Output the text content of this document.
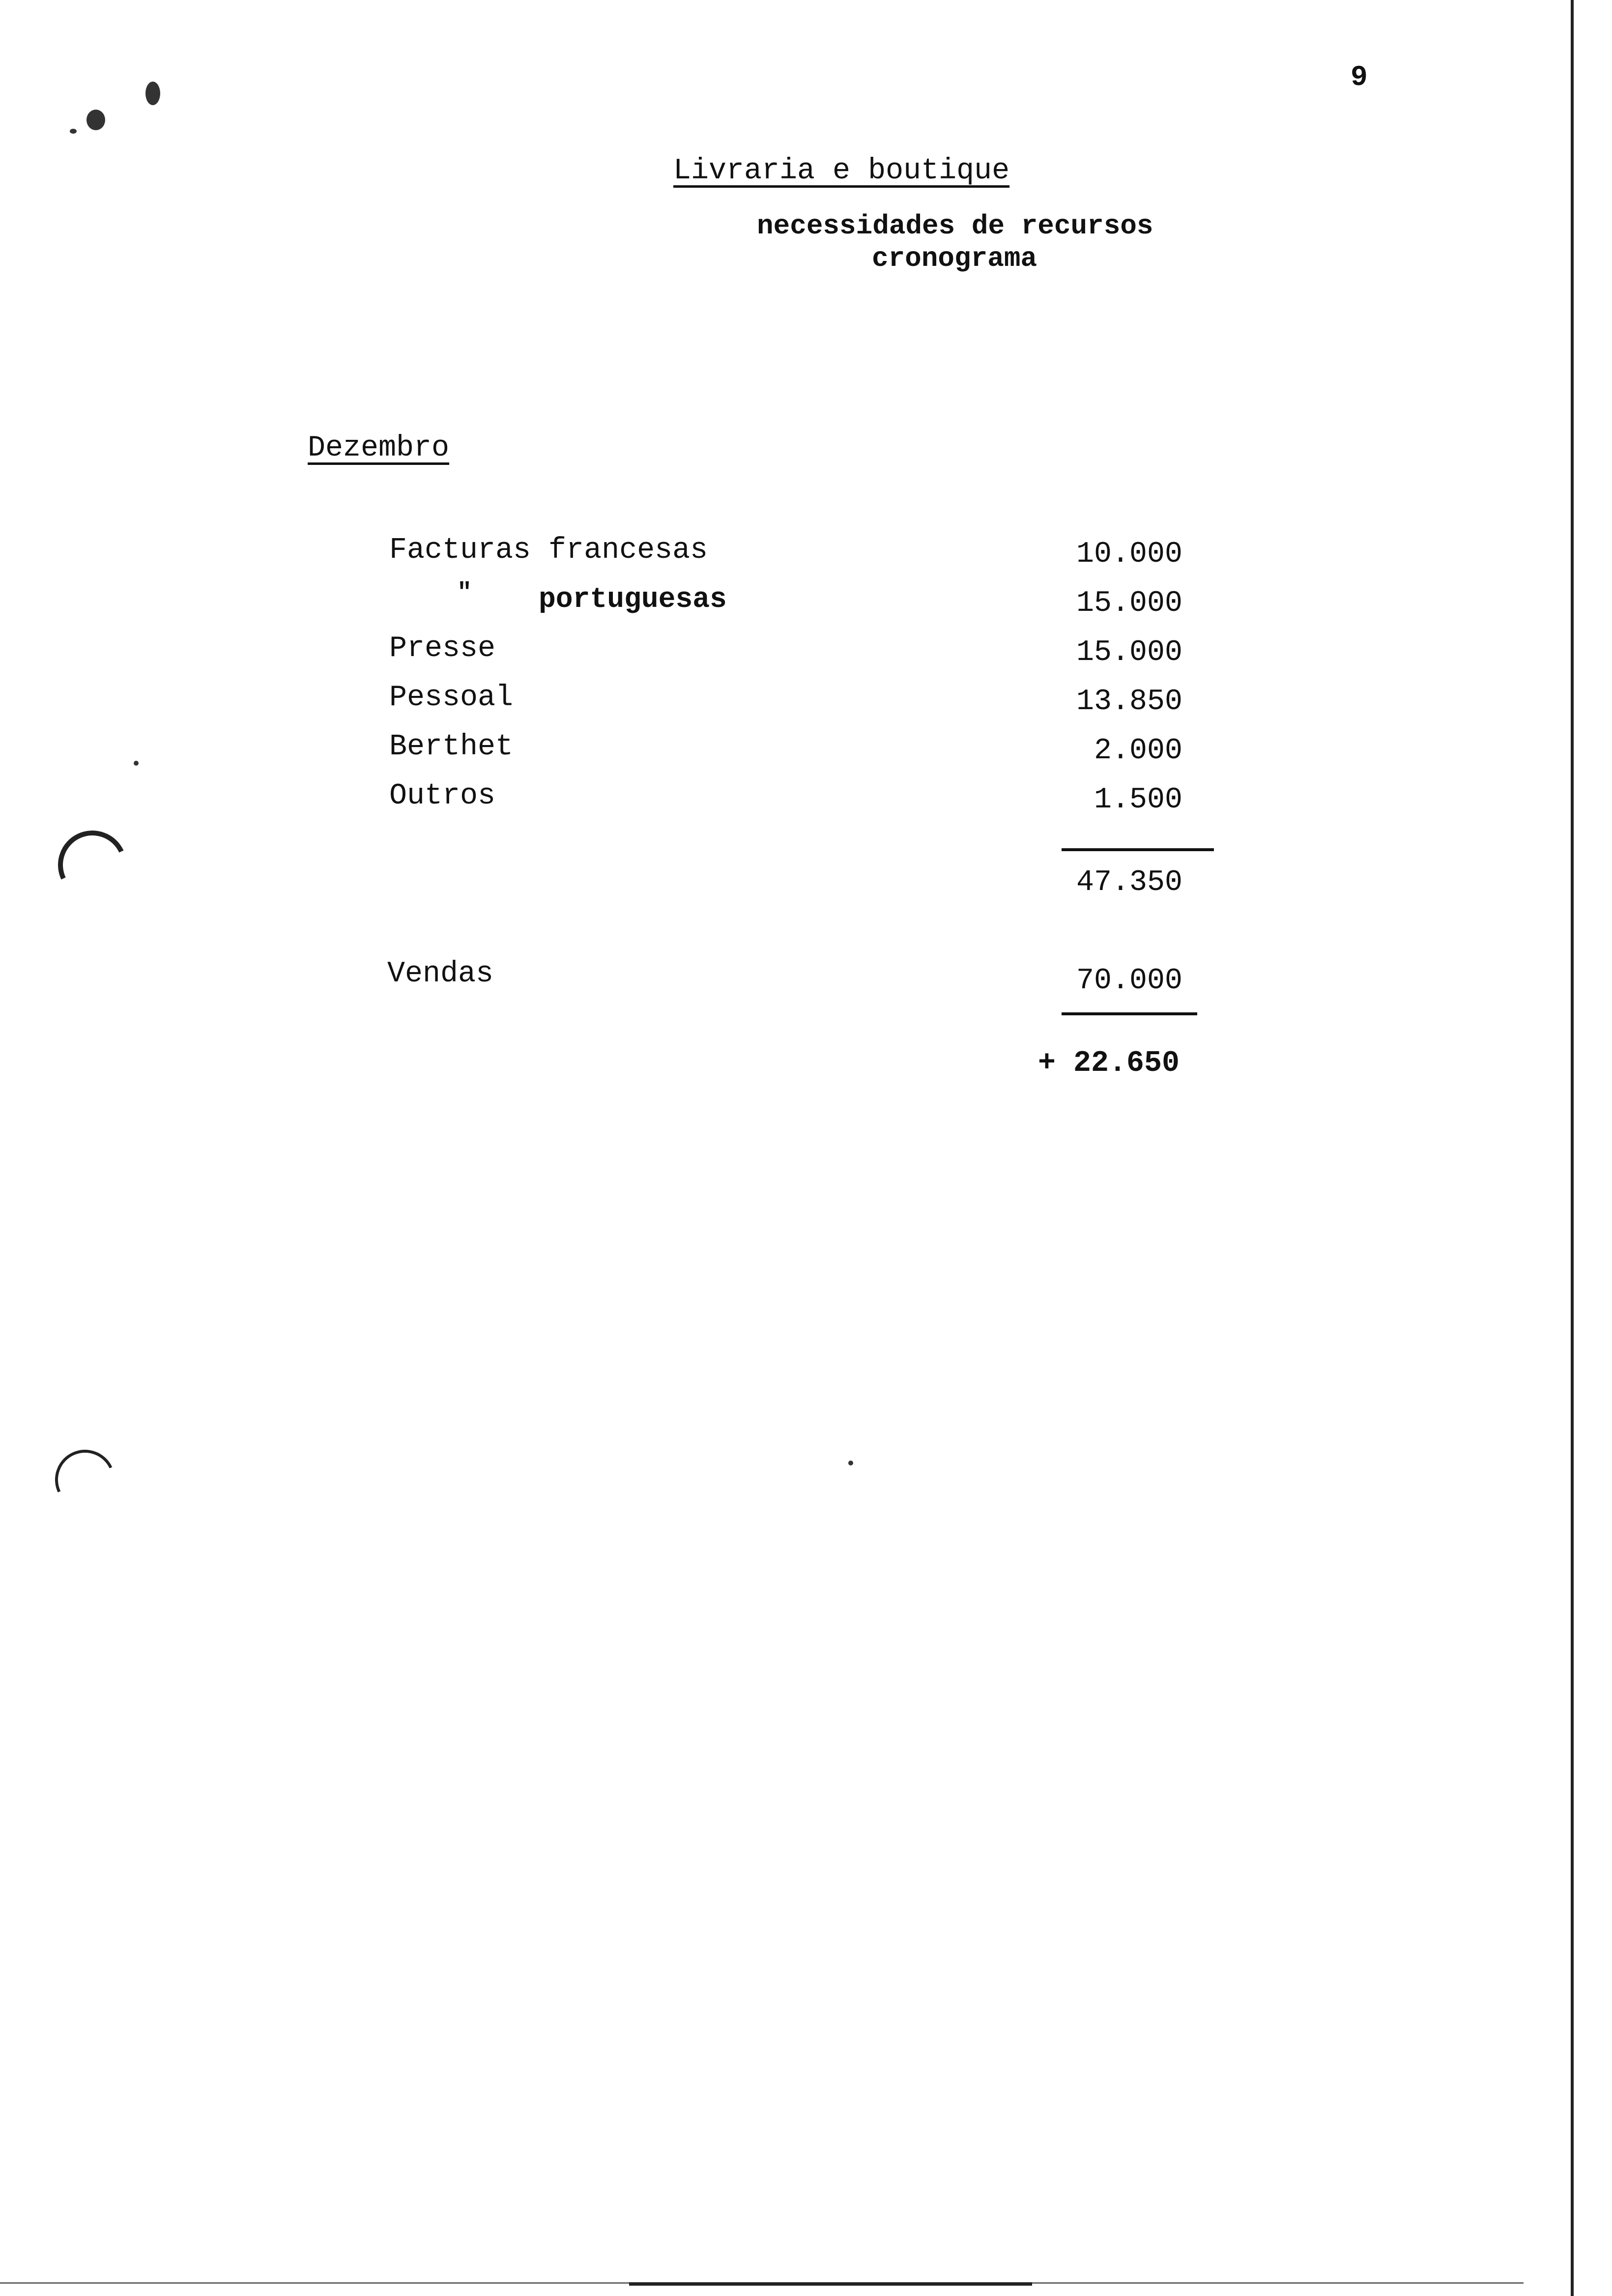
9
Livraria e boutique
necessidades de recursos
cronograma
Dezembro
Facturas francesas	10.000
" portuguesas	15.000
Presse	15.000
Pessoal	13.850
Berthet	2.000
Outros	1.500
47.350
Vendas	70.000
+ 22.650
